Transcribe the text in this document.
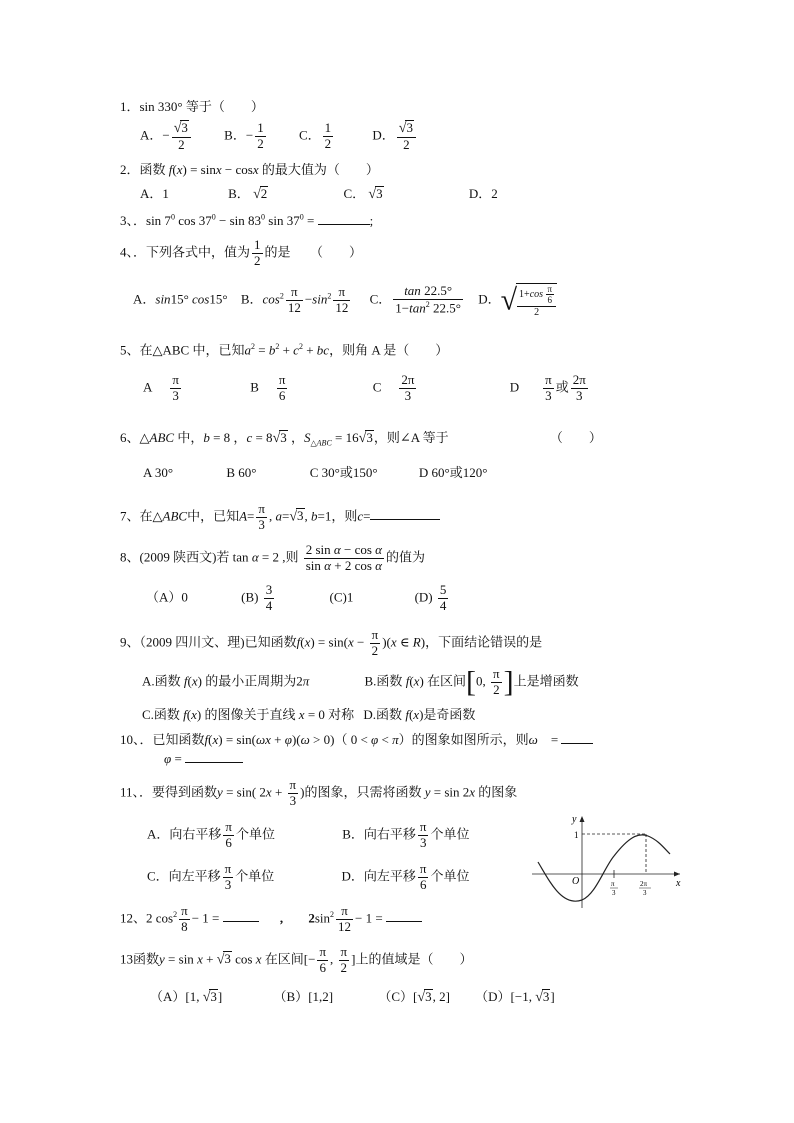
1．sin 330° 等于（　　）
A．− $\frac{√3}{2}$	B．− $\frac{1}{2}$	C． $\frac{1}{2}$	D． $\frac{√3}{2}$
2．函数 f(x) = sinx − cosx 的最大值为（　　）
A．1	B． √2	C． √3	D．2
3、．$\sin 7^0$ $\cos 37^0 - \sin 83^0$ $\sin 37^0$ =	;
4、．下列各式中，值为 $\frac{1}{2}$ 的是　　（　　）
A．sin15° cos15° B．$\cos^2 \frac{\pi}{12} -\sin^2 \frac{\pi}{12}$ C． $\frac{\tan 22.5^\circ}{1-\tan^2 22.5^\circ}$ D．√ $\frac{1+\cos \frac{\pi}{6}}{2}$
5、在△ABC 中，已知$a^2 = b^2 + c^2$ + bc，则角 A 是（　　）
A $\frac{\pi}{3}$	B $\frac{\pi}{6}$	C $\frac{2\pi}{3}$	D $\frac{\pi}{3}$ 或 $\frac{2\pi}{3}$
6、△ABC 中，b = 8 ，c = 8√3 ，$S_{\triangle ABC} = 16√3$，则∠A 等于	（　　）
A 30°	B 60°	C 30°或150°	D 60°或120°
7、在△ABC中，已知$A= \frac{\pi}{3}$ , a=√3, b=1，则c=
8、(2009 陕西文)若 tan α = 2 ,则 $\frac{\text{2 sin α − cos α}}{\text{sin α + 2 cos α}}$ 的值为
（A）0	$(B) \frac{3}{4}$	(C)1	$(D) \frac{5}{4}$
9、（2009 四川文、理)已知函数$f(x) = \sin(x - \frac{\pi}{2} )(x$ ∈ R)，下面结论错误的是
A.函数 f(x) 的最小正周期为2π	B.函数 f(x) 在区间[0, $\frac{\pi}{2}$ ]上是增函数
C.函数 f(x) 的图像关于直线 x = 0 对称 D.函数 f(x)是奇函数
10、．已知函数f(x) = sin(ωx + φ)(ω > 0)（ 0 < φ < π）的图象如图所示，则ω　=
φ =
11、．要得到函数y = sin( $2x + \frac{\pi}{3}$ )的图象，只需将函数 y = sin 2x 的图象
A．向右平移 $\frac{\pi}{6}$ 个单位	B．向右平移 $\frac{\pi}{3}$ 个单位
C．向左平移 $\frac{\pi}{3}$ 个单位	D．向左平移 $\frac{\pi}{6}$ 个单位
y
x
O
1
π
3
2π
3
12、2 $\cos^2 \frac{\pi}{8} - 1$ =	, $2\sin^2 \frac{\pi}{12} - 1$ =
13函数y = sin x + √3 cos x 在区间[− $\frac{\pi}{6}$ , $\frac{\pi}{2}$ ]上的值域是（　　）
（A）[1, √3]	（B）[1,2]	（C）[√3, 2] （D）[−1, √3]
